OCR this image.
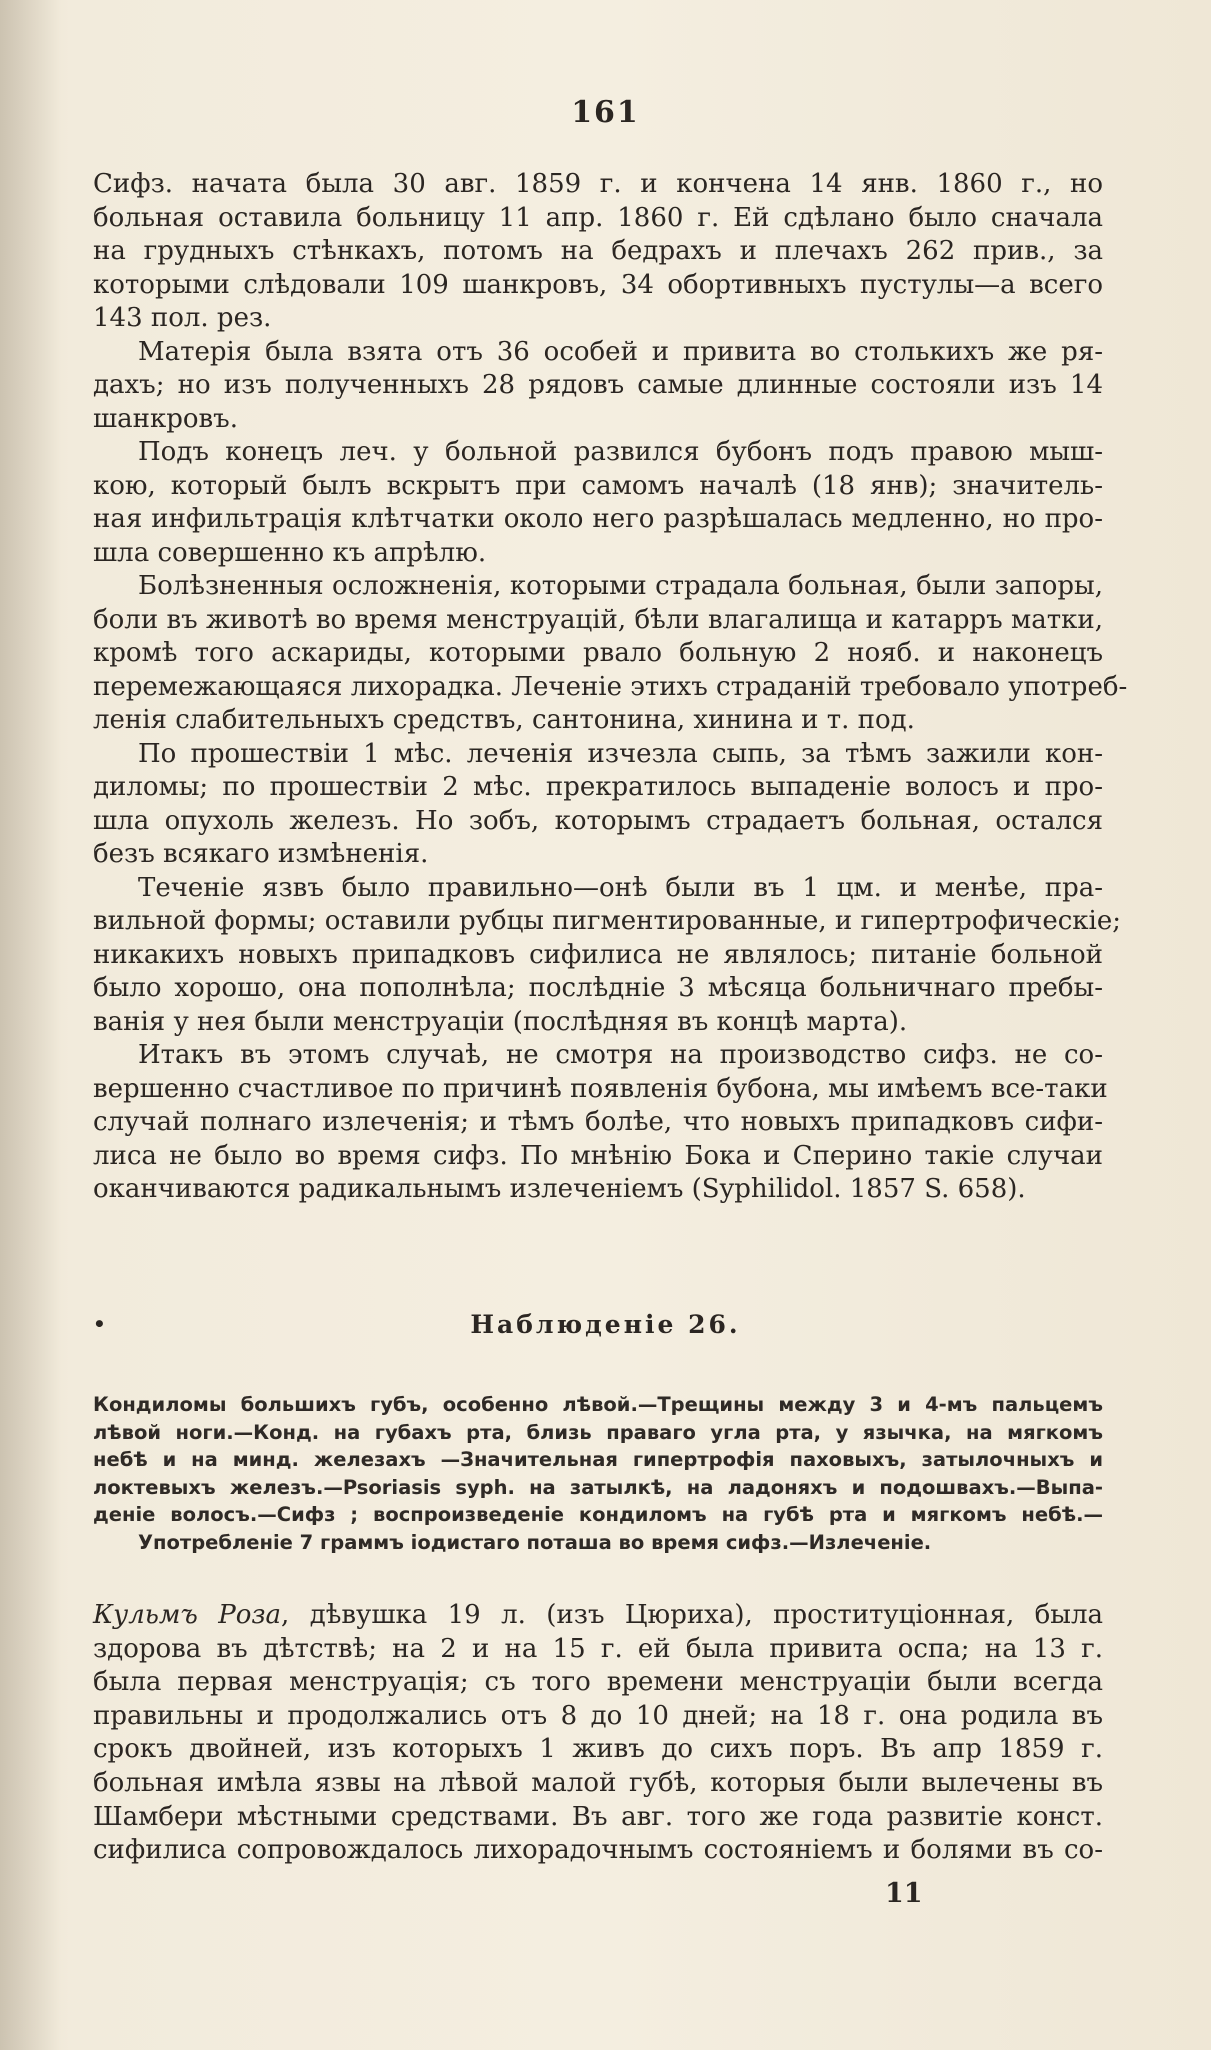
161
Сифз. начата была 30 авг. 1859 г. и кончена 14 янв. 1860 г., но
больная оставила больницу 11 апр. 1860 г. Ей сдѣлано было сначала
на грудныхъ стѣнкахъ, потомъ на бедрахъ и плечахъ 262 прив., за
которыми слѣдовали 109 шанкровъ, 34 обортивныхъ пустулы—а всего
143 пол. рез.
Матерія была взята отъ 36 особей и привита во столькихъ же ря-
дахъ; но изъ полученныхъ 28 рядовъ самые длинные состояли изъ 14
шанкровъ.
Подъ конецъ леч. у больной развился бубонъ подъ правою мыш-
кою, который былъ вскрытъ при самомъ началѣ (18 янв); значитель-
ная инфильтрація клѣтчатки около него разрѣшалась медленно, но про-
шла совершенно къ апрѣлю.
Болѣзненныя осложненія, которыми страдала больная, были запоры,
боли въ животѣ во время менструацій, бѣли влагалища и катарръ матки,
кромѣ того аскариды, которыми рвало больную 2 нояб. и наконецъ
перемежающаяся лихорадка. Леченіе этихъ страданій требовало употреб-
ленія слабительныхъ средствъ, сантонина, хинина и т. под.
По прошествіи 1 мѣс. леченія изчезла сыпь, за тѣмъ зажили кон-
диломы; по прошествіи 2 мѣс. прекратилось выпаденіе волосъ и про-
шла опухоль железъ. Но зобъ, которымъ страдаетъ больная, остался
безъ всякаго измѣненія.
Теченіе язвъ было правильно—онѣ были въ 1 цм. и менѣе, пра-
вильной формы; оставили рубцы пигментированные, и гипертрофическіе;
никакихъ новыхъ припадковъ сифилиса не являлось; питаніе больной
было хорошо, она пополнѣла; послѣдніе 3 мѣсяца больничнаго пребы-
ванія у нея были менструаціи (послѣдняя въ концѣ марта).
Итакъ въ этомъ случаѣ, не смотря на производство сифз. не со-
вершенно счастливое по причинѣ появленія бубона, мы имѣемъ все-таки
случай полнаго излеченія; и тѣмъ болѣе, что новыхъ припадковъ сифи-
лиса не было во время сифз. По мнѣнію Бока и Сперино такіе случаи
оканчиваются радикальнымъ излеченіемъ (Syphilidol. 1857 S. 658).
•	Наблюденіе 26.
Кондиломы большихъ губъ, особенно лѣвой.—Трещины между 3 и 4-мъ пальцемъ
лѣвой ноги.—Конд. на губахъ рта, близь праваго угла рта, у язычка, на мягкомъ
небѣ и на минд. железахъ —Значительная гипертрофія паховыхъ, затылочныхъ и
локтевыхъ железъ.—Psoriasis syph. на затылкѣ, на ладоняхъ и подошвахъ.—Выпа-
деніе волосъ.—Сифз ; воспроизведеніе кондиломъ на губѣ рта и мягкомъ небѣ.—
Употребленіе 7 граммъ іодистаго поташа во время сифз.—Излеченіе.
Кульмъ Роза, дѣвушка 19 л. (изъ Цюриха), проституціонная, была
здорова въ дѣтствѣ; на 2 и на 15 г. ей была привита оспа; на 13 г.
была первая менструація; съ того времени менструаціи были всегда
правильны и продолжались отъ 8 до 10 дней; на 18 г. она родила въ
срокъ двойней, изъ которыхъ 1 живъ до сихъ поръ. Въ апр 1859 г.
больная имѣла язвы на лѣвой малой губѣ, которыя были вылечены въ
Шамбери мѣстными средствами. Въ авг. того же года развитіе конст.
сифилиса сопровождалось лихорадочнымъ состояніемъ и болями въ со-
11
